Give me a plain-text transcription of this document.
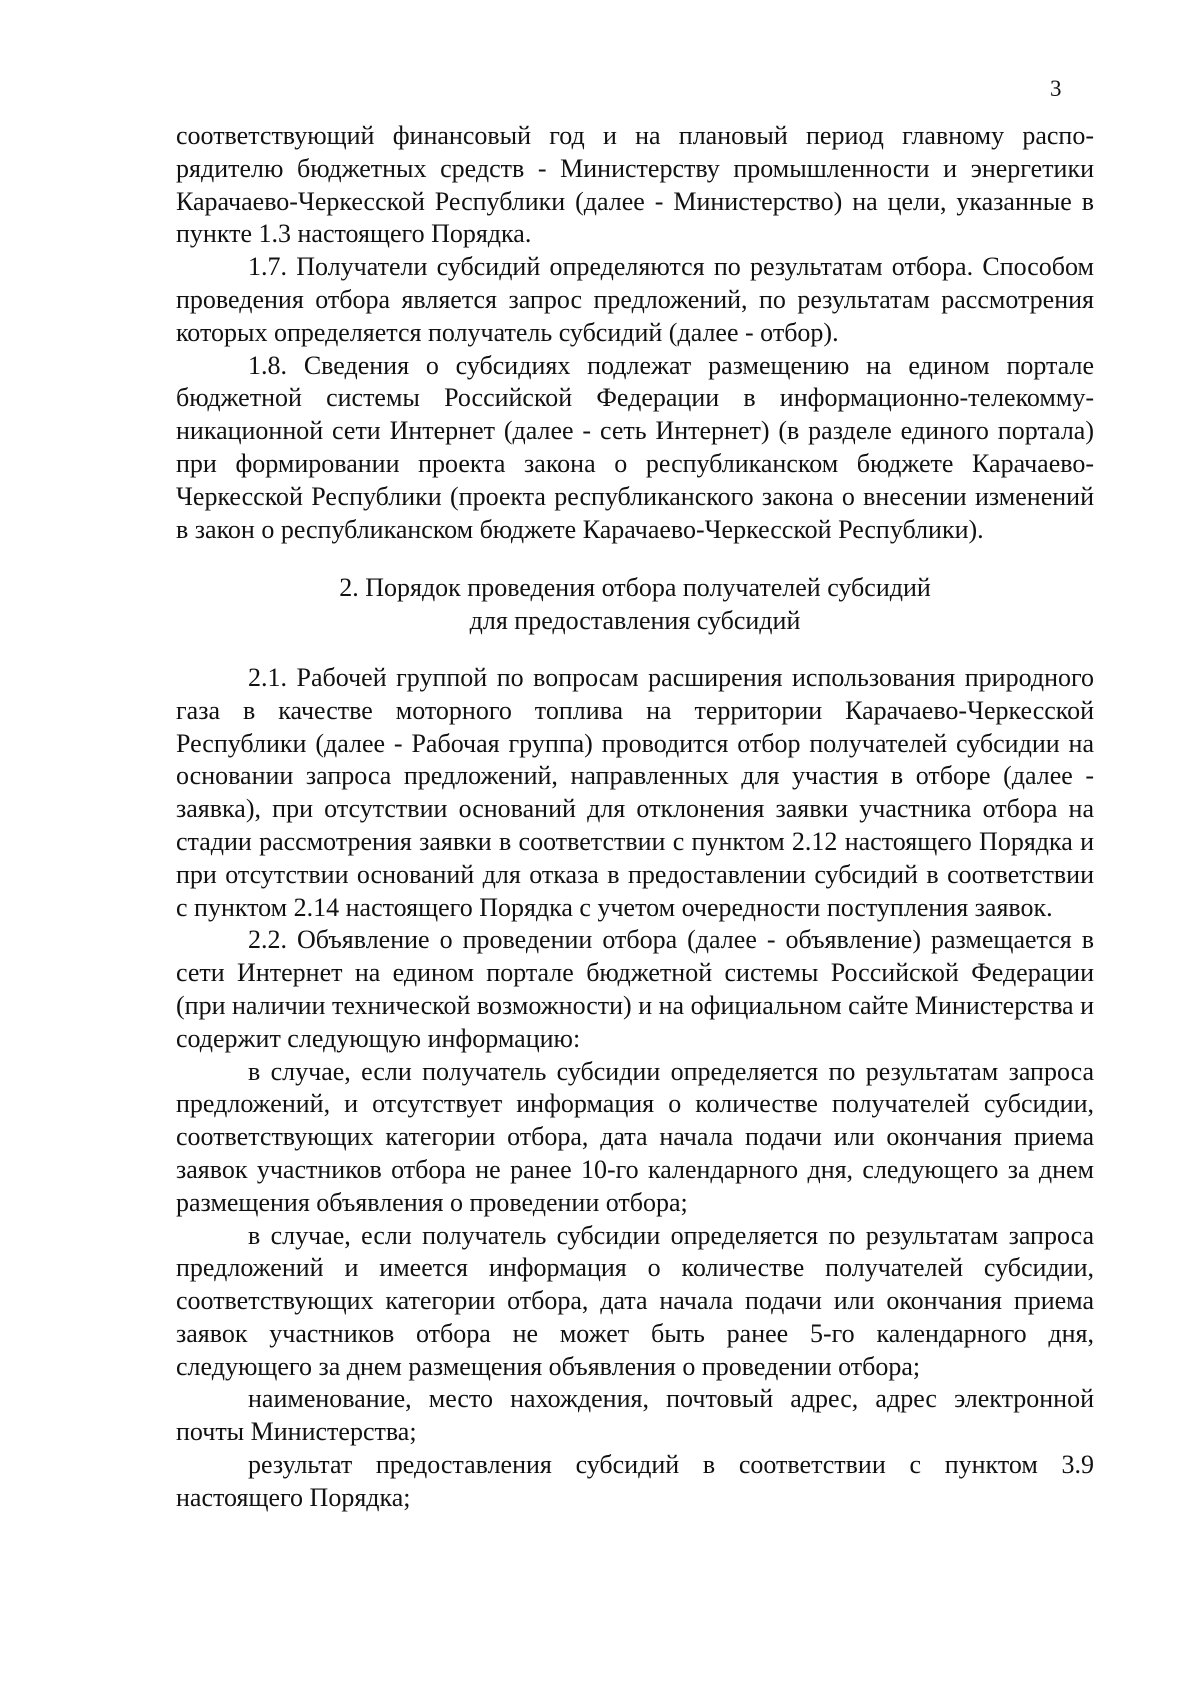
3

соответствующий финансовый год и на плановый период главному распорядителю бюджетных средств - Министерству промышленности и энергетики Карачаево-Черкесской Республики (далее - Министерство) на цели, указанные в пункте 1.3 настоящего Порядка.

1.7. Получатели субсидий определяются по результатам отбора. Способом проведения отбора является запрос предложений, по результатам рассмотрения которых определяется получатель субсидий (далее - отбор).

1.8. Сведения о субсидиях подлежат размещению на едином портале бюджетной системы Российской Федерации в информационно-телекоммуникационной сети Интернет (далее - сеть Интернет) (в разделе единого портала) при формировании проекта закона о республиканском бюджете Карачаево-Черкесской Республики (проекта республиканского закона о внесении изменений в закон о республиканском бюджете Карачаево-Черкесской Республики).

2. Порядок проведения отбора получателей субсидий
для предоставления субсидий

2.1. Рабочей группой по вопросам расширения использования природного газа в качестве моторного топлива на территории Карачаево-Черкесской Республики (далее - Рабочая группа) проводится отбор получателей субсидии на основании запроса предложений, направленных для участия в отборе (далее - заявка), при отсутствии оснований для отклонения заявки участника отбора на стадии рассмотрения заявки в соответствии с пунктом 2.12 настоящего Порядка и при отсутствии оснований для отказа в предоставлении субсидий в соответствии с пунктом 2.14 настоящего Порядка с учетом очередности поступления заявок.

2.2. Объявление о проведении отбора (далее - объявление) размещается в сети Интернет на едином портале бюджетной системы Российской Федерации (при наличии технической возможности) и на официальном сайте Министерства и содержит следующую информацию:

в случае, если получатель субсидии определяется по результатам запроса предложений, и отсутствует информация о количестве получателей субсидии, соответствующих категории отбора, дата начала подачи или окончания приема заявок участников отбора не ранее 10-го календарного дня, следующего за днем размещения объявления о проведении отбора;

в случае, если получатель субсидии определяется по результатам запроса предложений и имеется информация о количестве получателей субсидии, соответствующих категории отбора, дата начала подачи или окончания приема заявок участников отбора не может быть ранее 5-го календарного дня, следующего за днем размещения объявления о проведении отбора;

наименование, место нахождения, почтовый адрес, адрес электронной почты Министерства;

результат предоставления субсидий в соответствии с пунктом 3.9 настоящего Порядка;
